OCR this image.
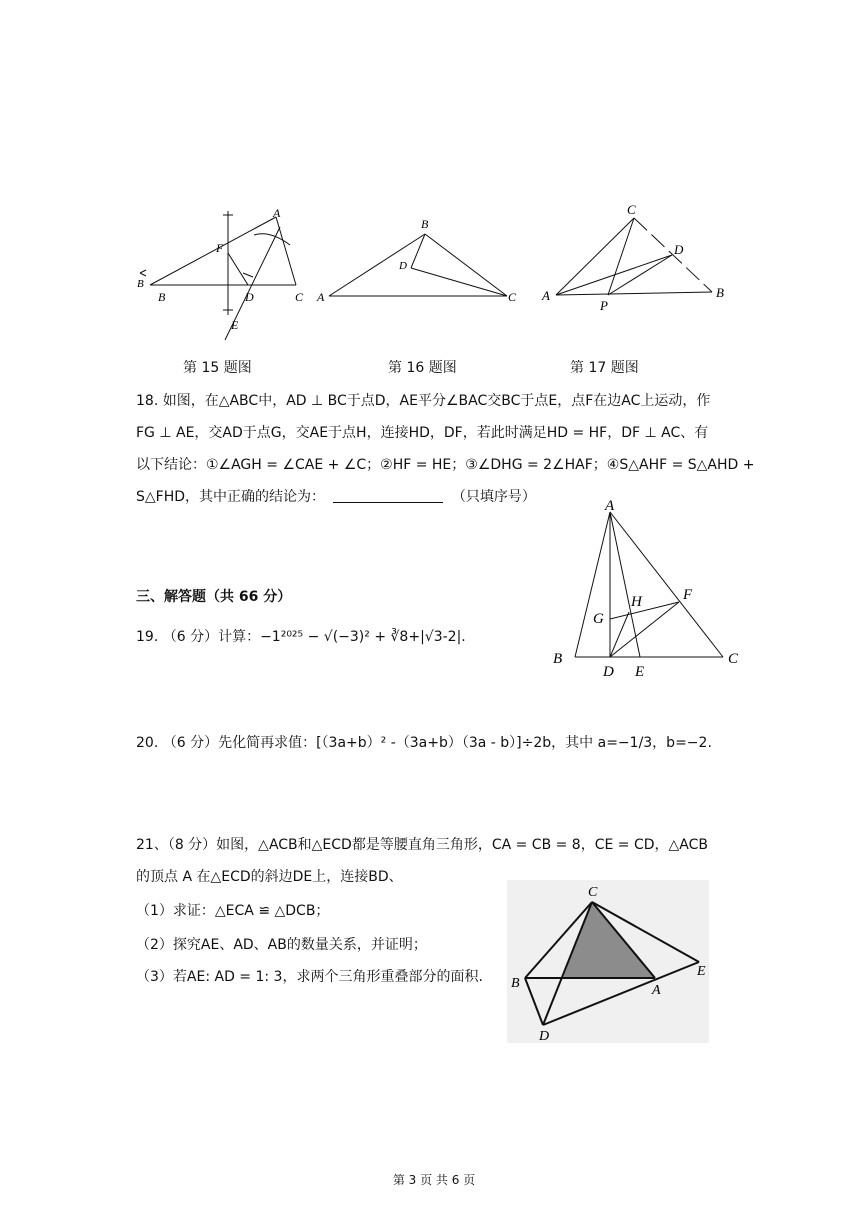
A
B
B	C
D
E
F
第 15 题图
A
B
C
D
第 16 题图
A	B
C
D
P
第 17 题图
18. 如图，在△ABC中，AD ⊥ BC于点D，AE平分∠BAC交BC于点E，点F在边AC上运动，作
FG ⊥ AE，交AD于点G，交AE于点H，连接HD，DF，若此时满足HD = HF，DF ⊥ AC、有
以下结论：①∠AGH = ∠CAE + ∠C；②HF = HE；③∠DHG = 2∠HAF；④S△AHF = S△AHD +
S△FHD，其中正确的结论为：	（只填序号）
A
B	C
D E
F
G
H
三、解答题（共 66 分）
19. （6 分）计算：−1²⁰²⁵ − √(−3)² + ∛8+|√3-2|.
20. （6 分）先化简再求值：[（3a+b）² -（3a+b）（3a - b）]÷2b，其中 a=−1/3，b=−2.
21、（8 分）如图，△ACB和△ECD都是等腰直角三角形，CA = CB = 8，CE = CD，△ACB
的顶点 A 在△ECD的斜边DE上，连接BD、
（1）求证：△ECA ≌ △DCB；
（2）探究AE、AD、AB的数量关系，并证明；
（3）若AE: AD = 1: 3，求两个三角形重叠部分的面积.
C
B	A
E
D
第 3 页 共 6 页
